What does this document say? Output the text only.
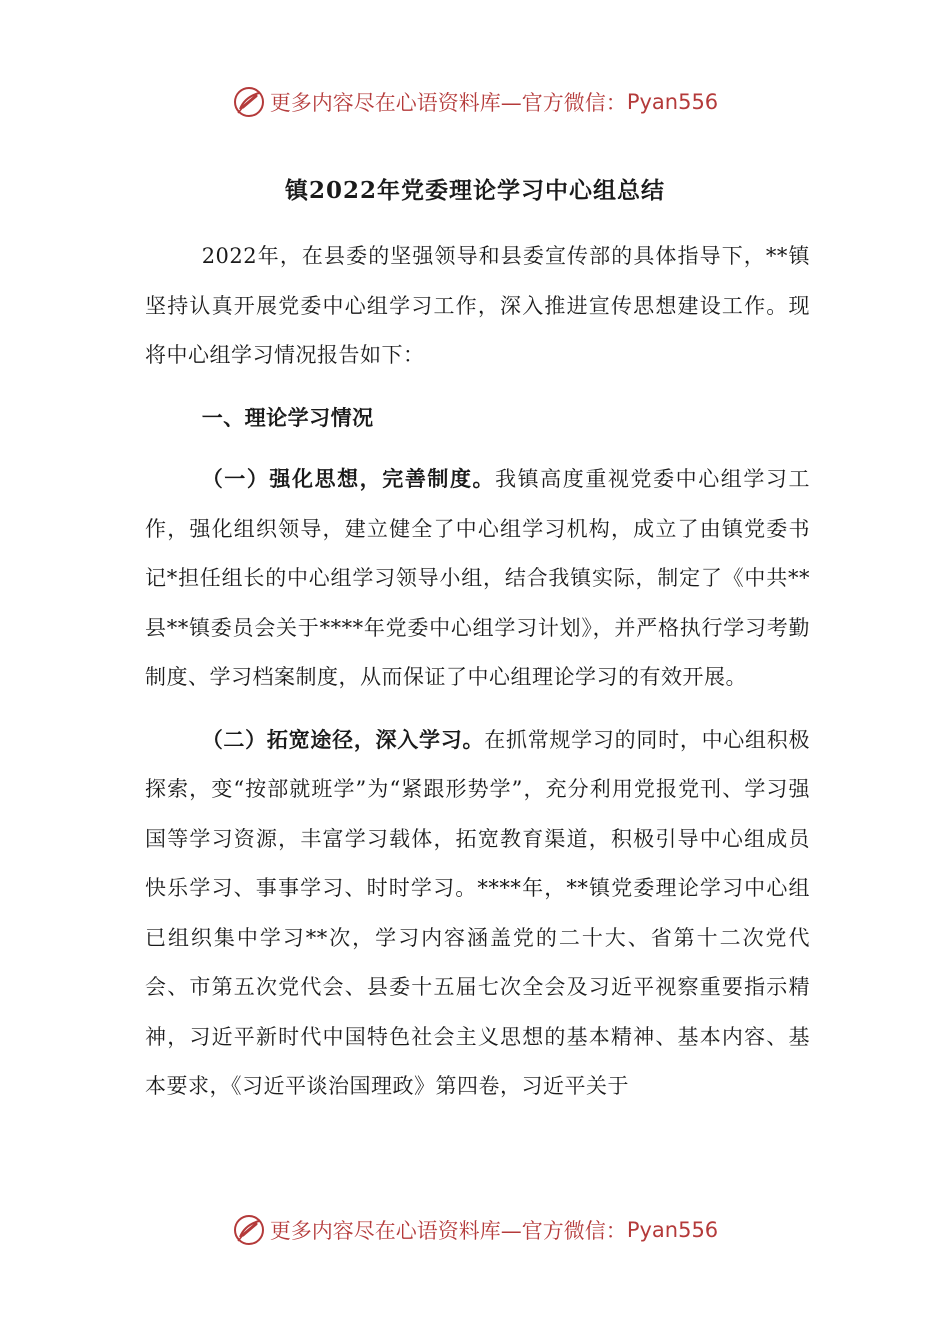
更多内容尽在心语资料库—官方微信： Pyan556
镇2022年党委理论学习中心组总结

2022年，在县委的坚强领导和县委宣传部的具体指导下，**镇坚持认真开展党委中心组学习工作，深入推进宣传思想建设工作。现将中心组学习情况报告如下：

一、理论学习情况

（一）强化思想，完善制度。我镇高度重视党委中心组学习工作，强化组织领导，建立健全了中心组学习机构，成立了由镇党委书记*担任组长的中心组学习领导小组，结合我镇实际，制定了《中共**县**镇委员会关于****年党委中心组学习计划》，并严格执行学习考勤制度、学习档案制度，从而保证了中心组理论学习的有效开展。

（二）拓宽途径，深入学习。在抓常规学习的同时，中心组积极探索，变“按部就班学”为“紧跟形势学”，充分利用党报党刊、学习强国等学习资源，丰富学习载体，拓宽教育渠道，积极引导中心组成员快乐学习、事事学习、时时学习。****年，**镇党委理论学习中心组已组织集中学习**次，学习内容涵盖党的二十大、省第十二次党代会、市第五次党代会、县委十五届七次全会及习近平视察重要指示精神，习近平新时代中国特色社会主义思想的基本精神、基本内容、基本要求，《习近平谈治国理政》第四卷，习近平关于

更多内容尽在心语资料库—官方微信： Pyan556
